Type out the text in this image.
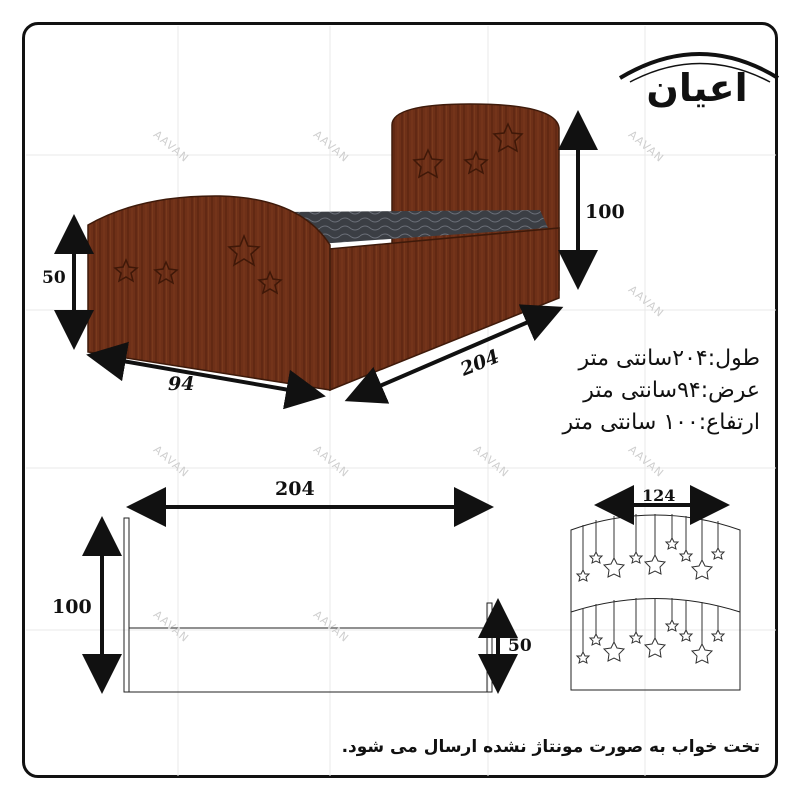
AAVAN	AAVAN	AAVAN
AAVAN	AAVAN	AAVAN	AAVAN
AAVAN	AAVAN
AAVAN
اعیان
100
50
94
204	طول:۲۰۴سانتی متر
عرض:۹۴سانتی متر
ارتفاع:۱۰۰ سانتی متر
204
100
50
124
تخت خواب به صورت مونتاژ نشده ارسال می شود.
